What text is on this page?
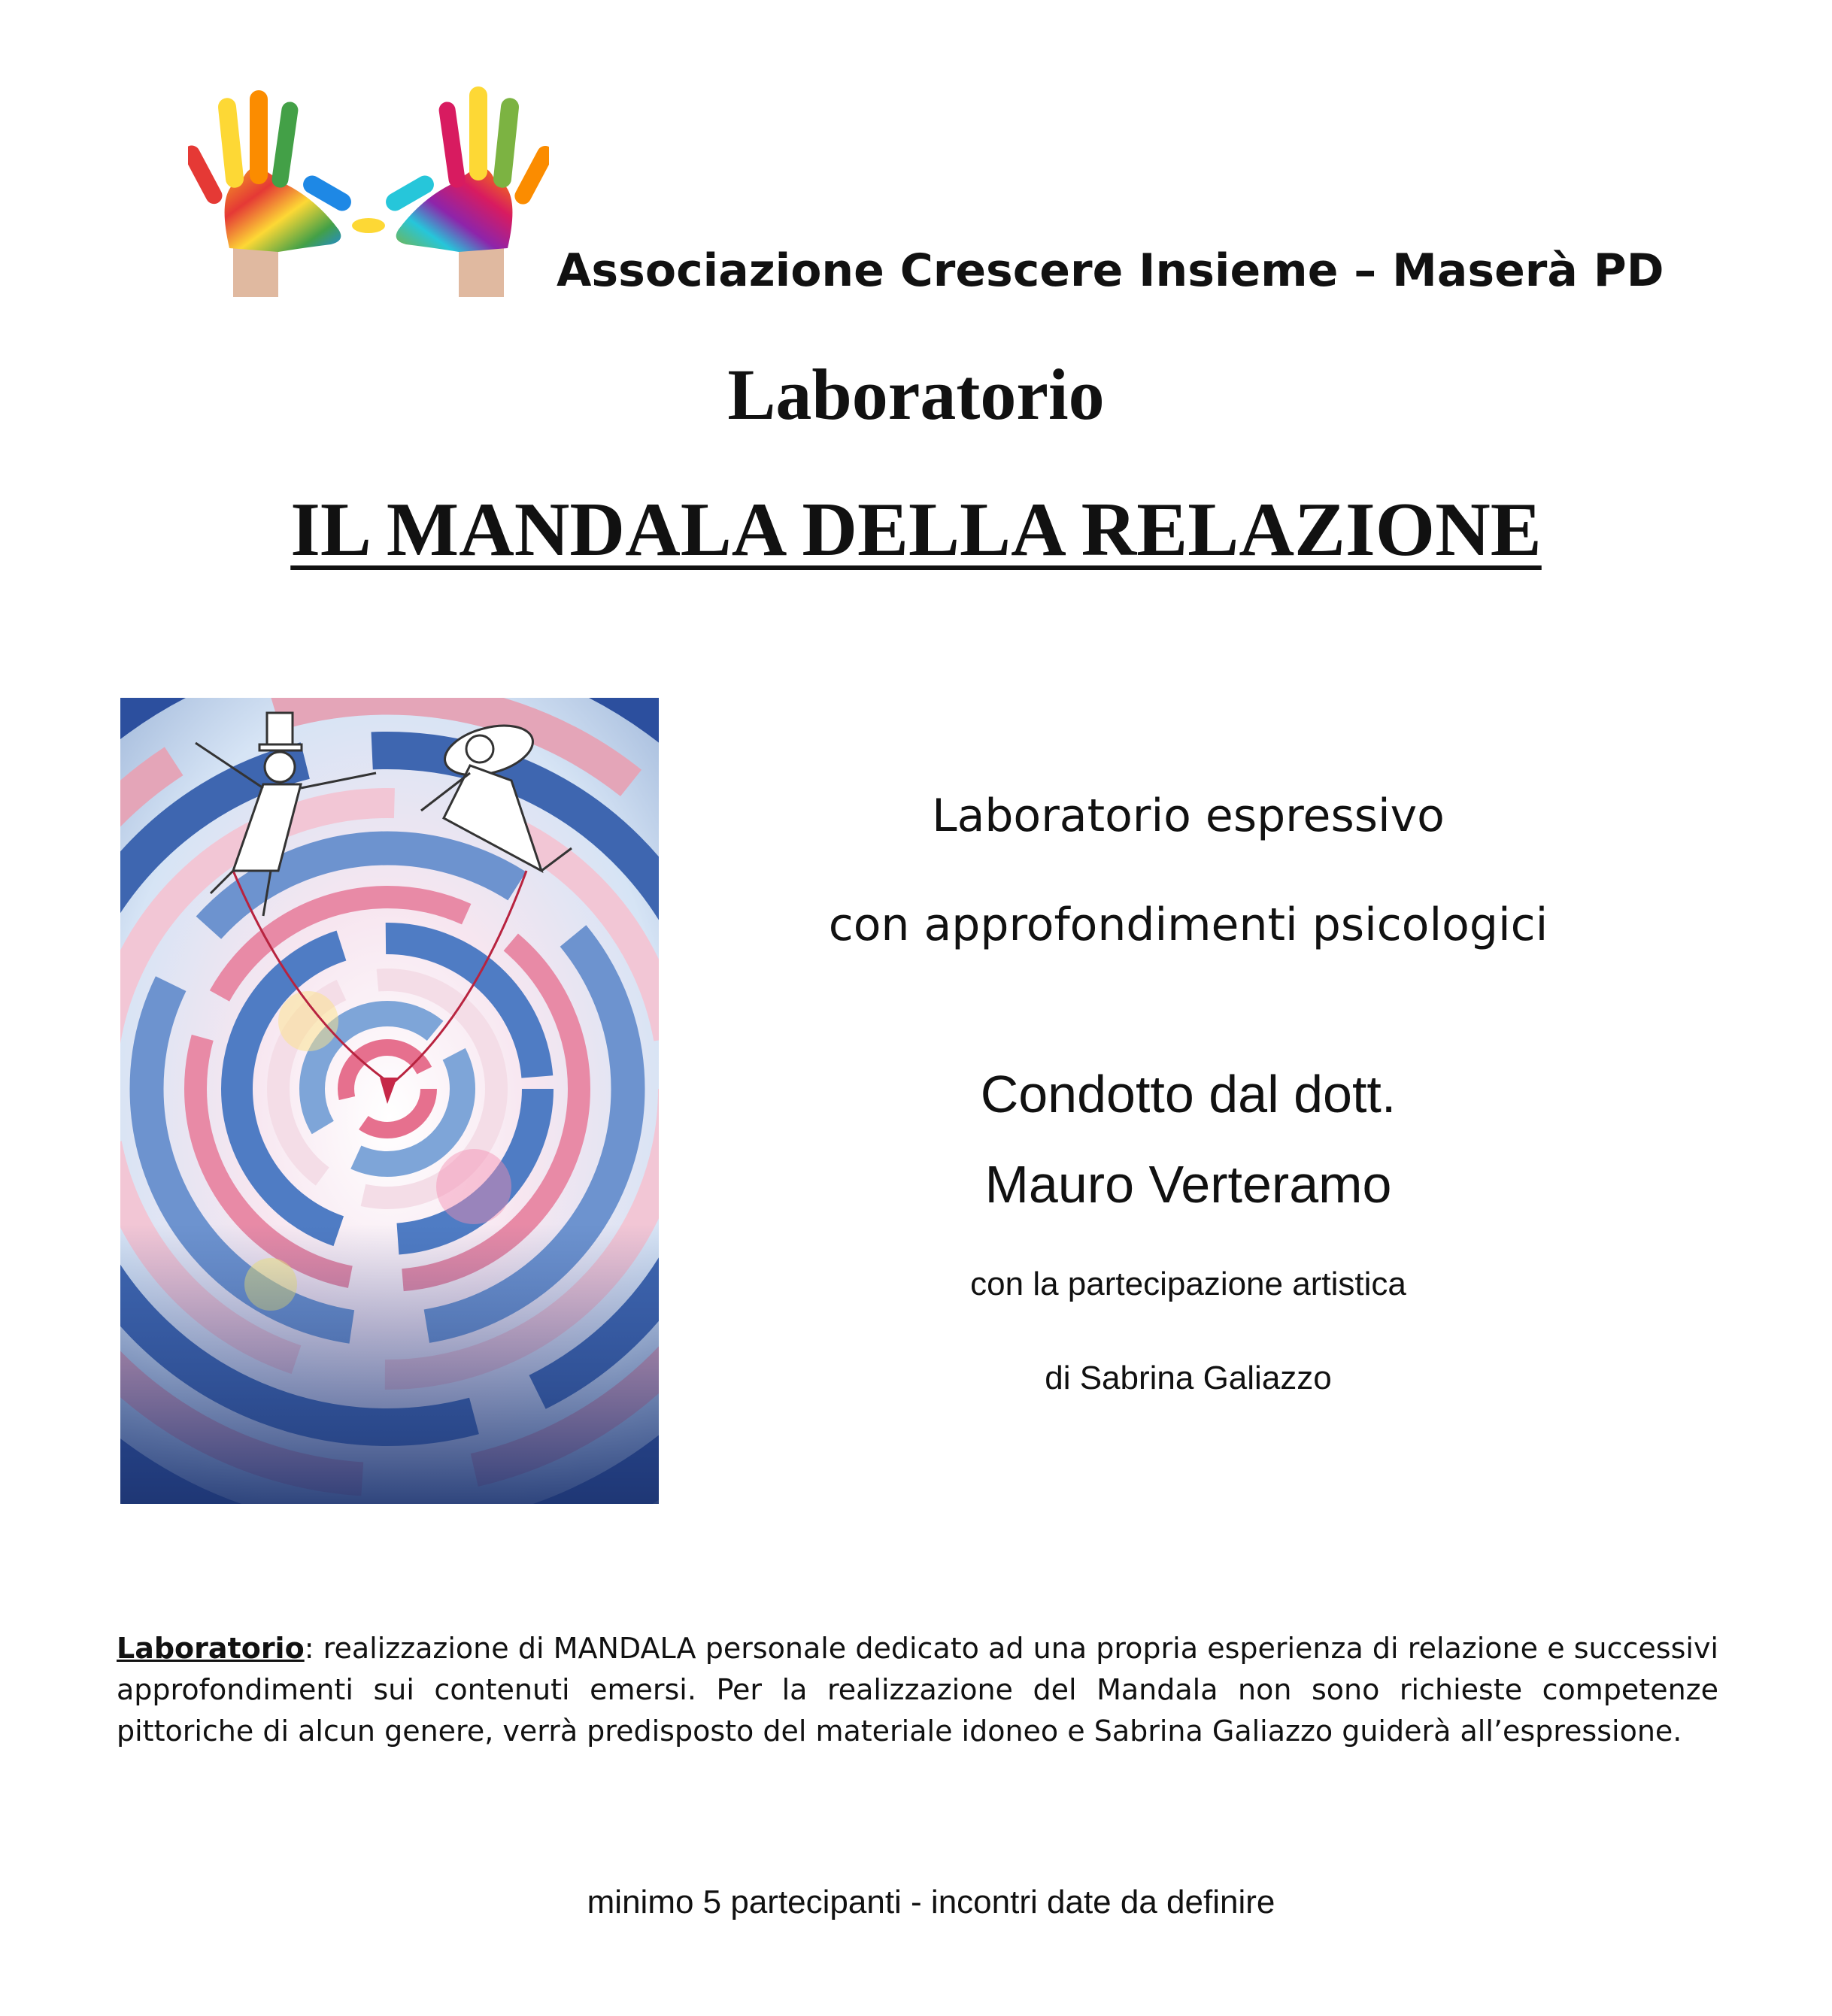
Associazione Crescere Insieme – Maserà PD
Laboratorio
IL MANDALA DELLA RELAZIONE
Laboratorio espressivo
con approfondimenti psicologici
Condotto dal dott.
Mauro Verteramo
con la partecipazione artistica
di Sabrina Galiazzo
Laboratorio: realizzazione di MANDALA personale dedicato ad una propria esperienza di relazione e successivi approfondimenti sui contenuti emersi. Per la realizzazione del Mandala non sono richieste competenze pittoriche di alcun genere, verrà predisposto del materiale idoneo e Sabrina Galiazzo guiderà all’espressione.
minimo 5 partecipanti - incontri date da definire
